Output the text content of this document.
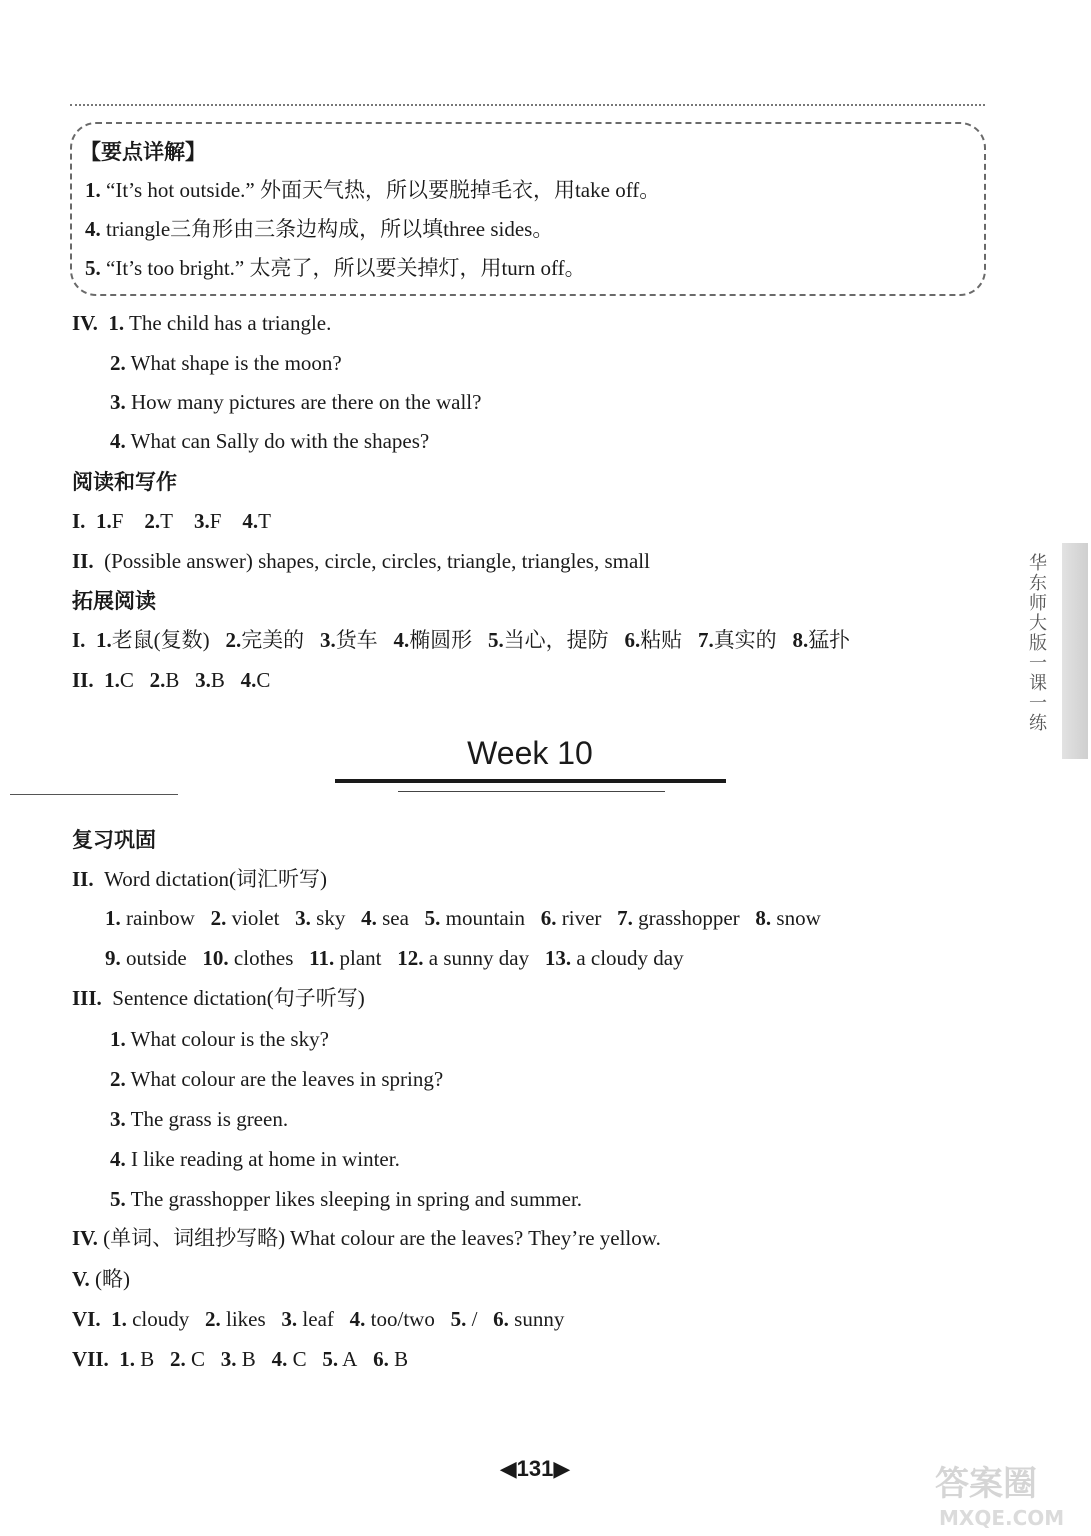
【要点详解】
1. “It’s hot outside.” 外面天气热，所以要脱掉毛衣，用take off。
4. triangle三角形由三条边构成，所以填three sides。
5. “It’s too bright.” 太亮了，所以要关掉灯，用turn off。
IV. 1. The child has a triangle.
2. What shape is the moon?
3. How many pictures are there on the wall?
4. What can Sally do with the shapes?
阅读和写作
I. 1.F 2.T 3.F 4.T
II. (Possible answer) shapes, circle, circles, triangle, triangles, small
拓展阅读
I. 1.老鼠(复数) 2.完美的 3.货车 4.椭圆形 5.当心，提防 6.粘贴 7.真实的 8.猛扑
II. 1.C 2.B 3.B 4.C
Week 10
复习巩固
II. Word dictation(词汇听写)
1. rainbow 2. violet 3. sky 4. sea 5. mountain 6. river 7. grasshopper 8. snow
9. outside 10. clothes 11. plant 12. a sunny day 13. a cloudy day
III. Sentence dictation(句子听写)
1. What colour is the sky?
2. What colour are the leaves in spring?
3. The grass is green.
4. I like reading at home in winter.
5. The grasshopper likes sleeping in spring and summer.
IV. (单词、词组抄写略) What colour are the leaves? They’re yellow.
V. (略)
VI. 1. cloudy 2. likes 3. leaf 4. too/two 5. / 6. sunny
VII. 1. B 2. C 3. B 4. C 5. A 6. B
华东师大版一课一练
◀131▶	答案圈
MXQE.COM
